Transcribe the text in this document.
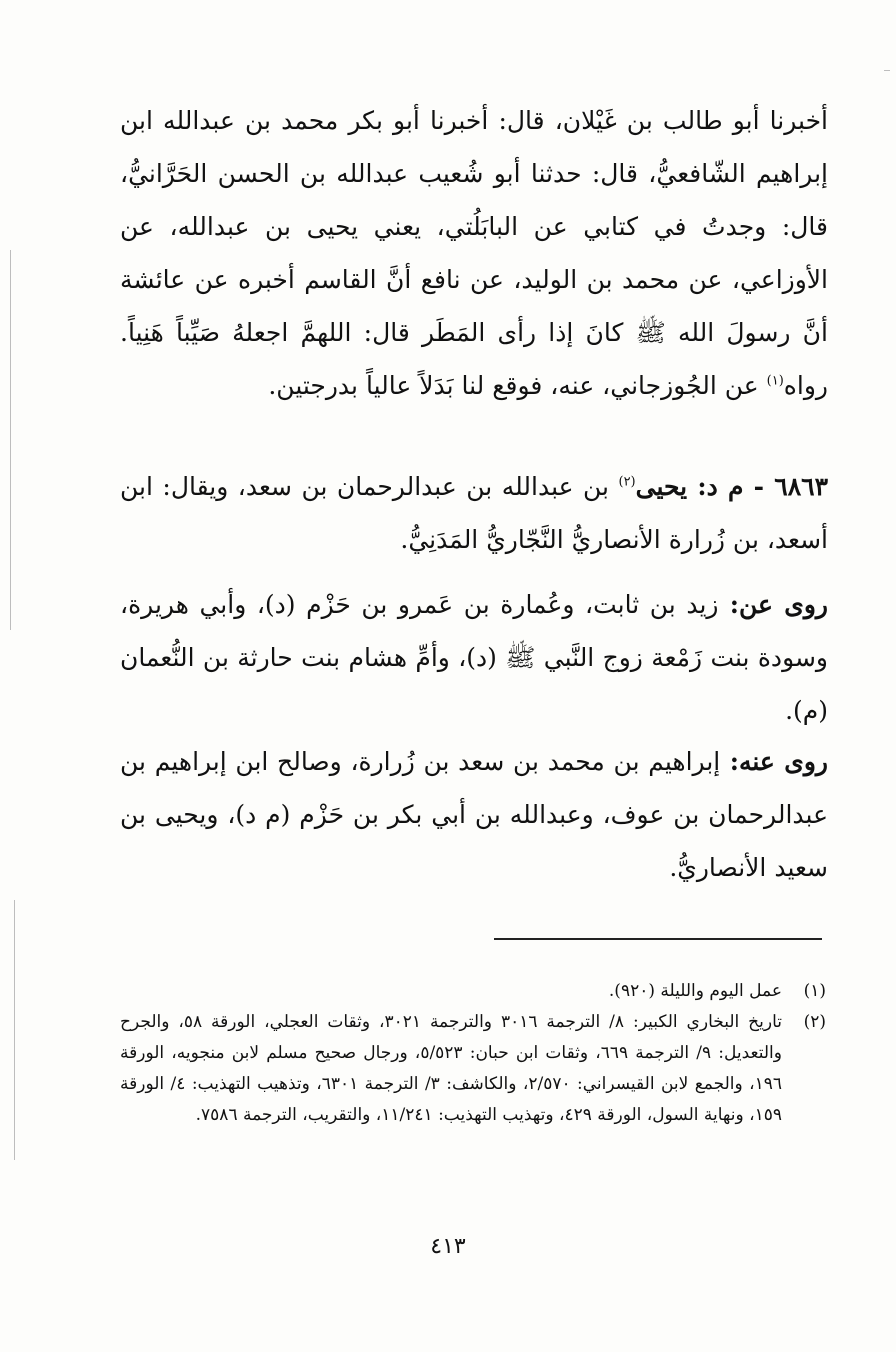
أخبرنا أبو طالب بن غَيْلان، قال: أخبرنا أبو بكر محمد بن عبدالله ابن إبراهيم الشّافعيُّ، قال: حدثنا أبو شُعيب عبدالله بن الحسن الحَرَّانيُّ، قال: وجدتُ في كتابي عن البابَلُتي، يعني يحيى بن عبدالله، عن الأوزاعي، عن محمد بن الوليد، عن نافع أنَّ القاسم أخبره عن عائشة أنَّ رسولَ الله ﷺ كانَ إذا رأى المَطَر قال: اللهمَّ اجعلهُ صَيِّباً هَنِياً. رواه$^{(١)}$ عن الجُوزجاني، عنه، فوقع لنا بَدَلاً عالياً بدرجتين.

٦٨٦٣ - م د: يحيى$^{(٢)}$ بن عبدالله بن عبدالرحمان بن سعد، ويقال: ابن أسعد، بن زُرارة الأنصاريُّ النَّجّاريُّ المَدَنِيُّ.

روى عن: زيد بن ثابت، وعُمارة بن عَمرو بن حَزْم (د)، وأبي هريرة، وسودة بنت زَمْعة زوج النَّبي ﷺ (د)، وأمِّ هشام بنت حارثة بن النُّعمان (م).

روى عنه: إبراهيم بن محمد بن سعد بن زُرارة، وصالح ابن إبراهيم بن عبدالرحمان بن عوف، وعبدالله بن أبي بكر بن حَزْم (م د)، ويحيى بن سعيد الأنصاريُّ.

(١)
عمل اليوم والليلة (٩٢٠).
(٢)
تاريخ البخاري الكبير: ٨/ الترجمة ٣٠١٦ والترجمة ٣٠٢١، وثقات العجلي، الورقة ٥٨، والجرح والتعديل: ٩/ الترجمة ٦٦٩، وثقات ابن حبان: ٥/٥٢٣، ورجال صحيح مسلم لابن منجويه، الورقة ١٩٦، والجمع لابن القيسراني: ٢/٥٧٠، والكاشف: ٣/ الترجمة ٦٣٠١، وتذهيب التهذيب: ٤/ الورقة ١٥٩، ونهاية السول، الورقة ٤٢٩، وتهذيب التهذيب: ١١/٢٤١، والتقريب، الترجمة ٧٥٨٦.
٤١٣
